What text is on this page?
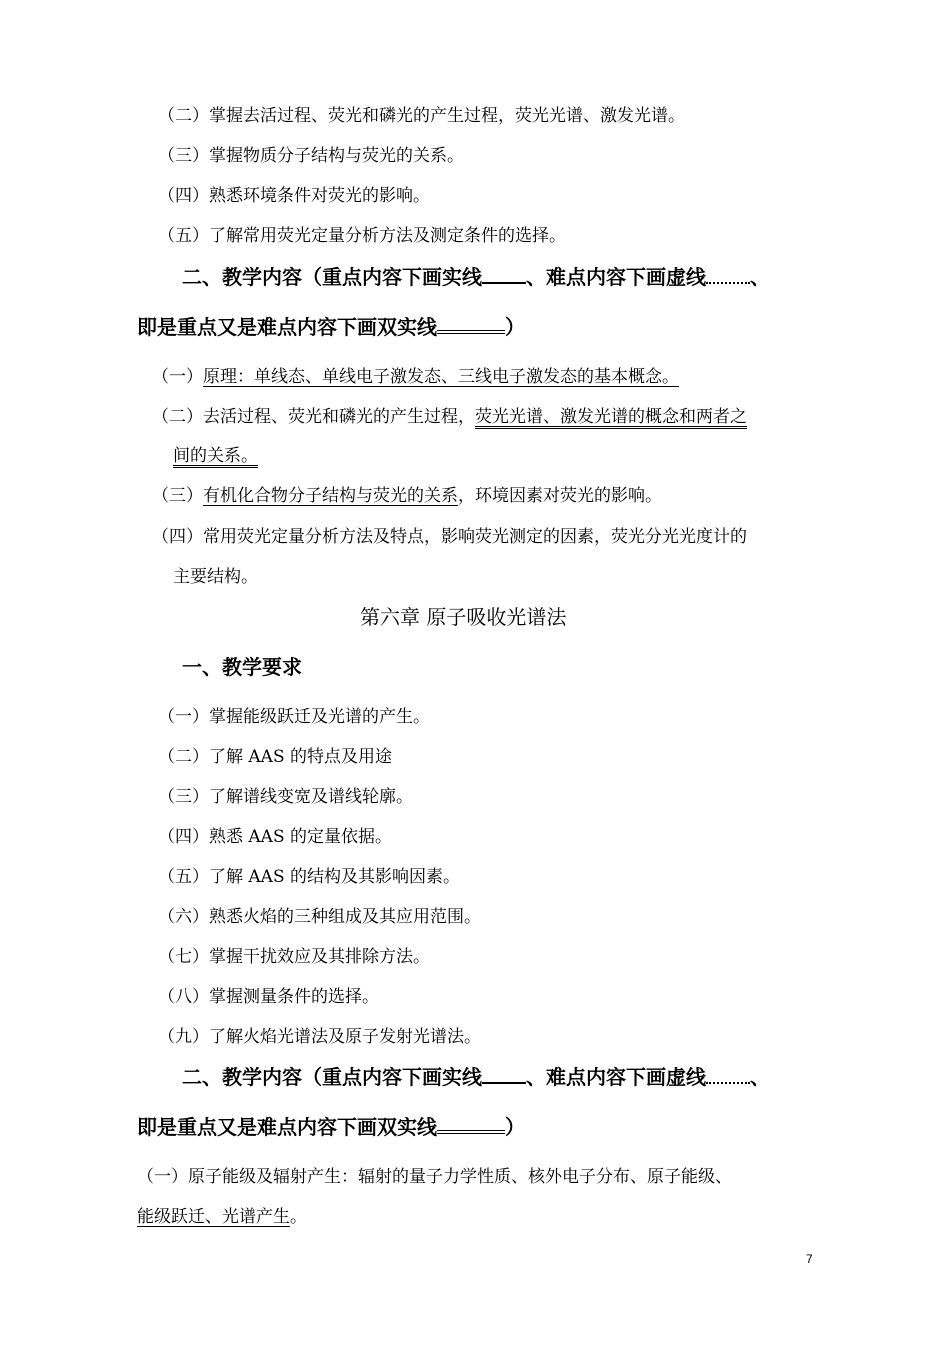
（二）掌握去活过程、荧光和磷光的产生过程，荧光光谱、激发光谱。
（三）掌握物质分子结构与荧光的关系。
（四）熟悉环境条件对荧光的影响。
（五）了解常用荧光定量分析方法及测定条件的选择。
二、教学内容（重点内容下画实线 、难点内容下画虚线 、
即是重点又是难点内容下画双实线	）
（一）原理：单线态、单线电子激发态、三线电子激发态的基本概念。
（二）去活过程、荧光和磷光的产生过程，荧光光谱、激发光谱的概念和两者之
间的关系。
（三）有机化合物分子结构与荧光的关系，环境因素对荧光的影响。
（四）常用荧光定量分析方法及特点，影响荧光测定的因素，荧光分光光度计的
主要结构。
第六章 原子吸收光谱法
一、教学要求
（一）掌握能级跃迁及光谱的产生。
（二）了解 AAS 的特点及用途
（三）了解谱线变宽及谱线轮廓。
（四）熟悉 AAS 的定量依据。
（五）了解 AAS 的结构及其影响因素。
（六）熟悉火焰的三种组成及其应用范围。
（七）掌握干扰效应及其排除方法。
（八）掌握测量条件的选择。
（九）了解火焰光谱法及原子发射光谱法。
二、教学内容（重点内容下画实线 、难点内容下画虚线 、
即是重点又是难点内容下画双实线	）
（一）原子能级及辐射产生：辐射的量子力学性质、核外电子分布、原子能级、
能级跃迁、光谱产生。
7
